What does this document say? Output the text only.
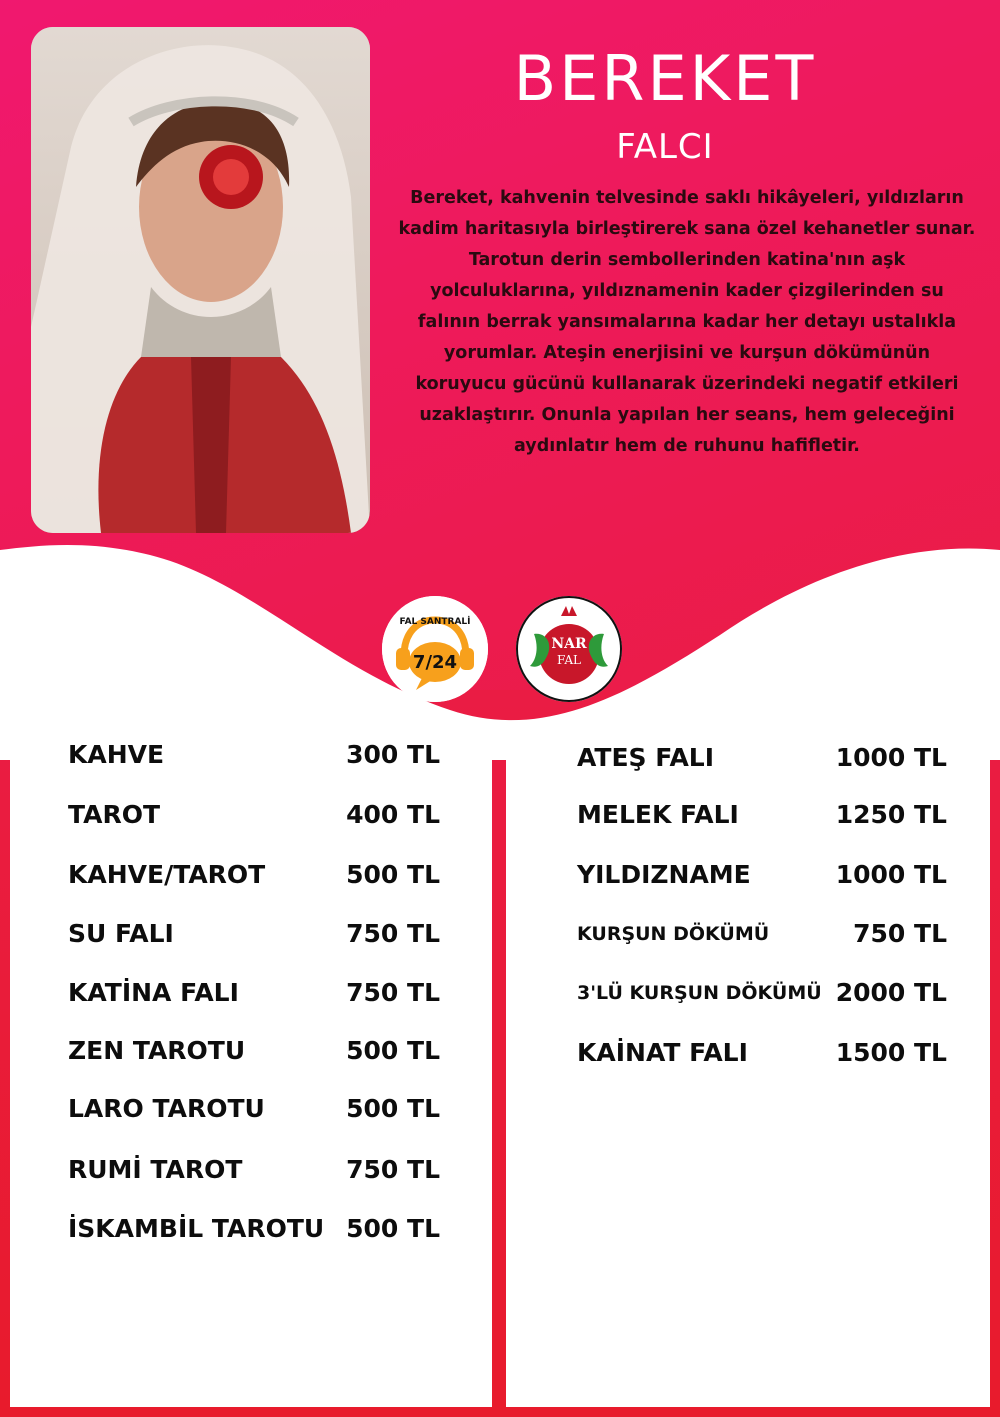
BEREKET
FALCI
Bereket, kahvenin telvesinde saklı hikâyeleri, yıldızların kadim haritasıyla birleştirerek sana özel kehanetler sunar. Tarotun derin sembollerinden katina'nın aşk yolculuklarına, yıldıznamenin kader çizgilerinden su falının berrak yansımalarına kadar her detayı ustalıkla yorumlar. Ateşin enerjisini ve kurşun dökümünün koruyucu gücünü kullanarak üzerindeki negatif etkileri uzaklaştırır. Onunla yapılan her seans, hem geleceğini aydınlatır hem de ruhunu hafifletir.
FAL SANTRALİ
7/24
NAR
FAL
KAHVE	300 TL
TAROT	400 TL
KAHVE/TAROT	500 TL
SU FALI	750 TL
KATİNA FALI	750 TL
ZEN TAROTU	500 TL
LARO TAROTU	500 TL
RUMİ TAROT	750 TL
İSKAMBİL TAROTU 500 TL
ATEŞ FALI	1000 TL
MELEK FALI	1250 TL
YILDIZNAME	1000 TL
KURŞUN DÖKÜMÜ	750 TL
3'LÜ KURŞUN DÖKÜMÜ 2000 TL
KAİNAT FALI	1500 TL
